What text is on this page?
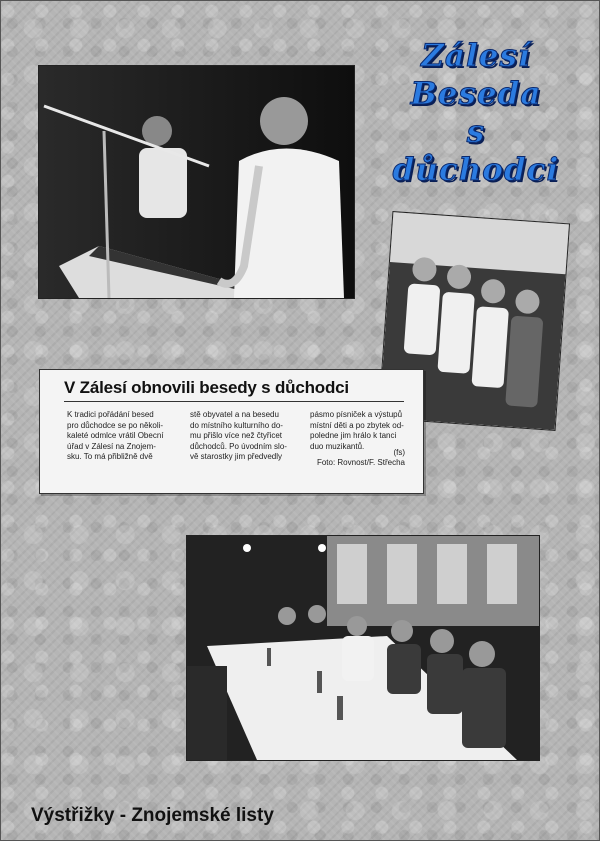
Zálesí
Beseda
s
důchodci
V Zálesí obnovili besedy s důchodci
K tradici pořádání besed
pro důchodce se po několi-
kaleté odmlce vrátil Obecní
úřad v Zálesí na Znojem-
sku. To má přibližně dvě
stě obyvatel a na besedu
do místního kulturního do-
mu přišlo více než čtyřicet
důchodců. Po úvodním slo-
vě starostky jim předvedly
pásmo písniček a výstupů
místní děti a po zbytek od-
poledne jim hrálo k tanci
duo muzikantů.
(fs)
Foto: Rovnost/F. Střecha
Výstřižky - Znojemské listy
